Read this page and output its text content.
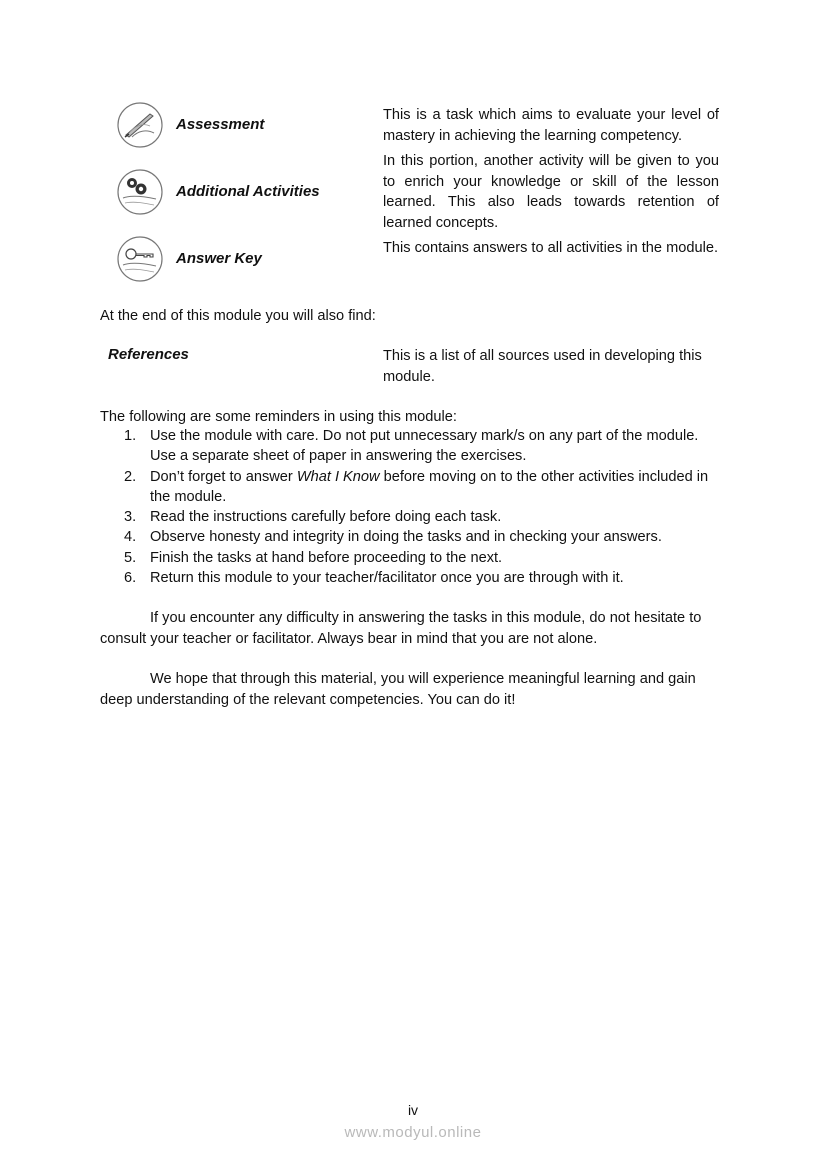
Assessment
This is a task which aims to evaluate your level of mastery in achieving the learning competency.
Additional Activities
In this portion, another activity will be given to you to enrich your knowledge or skill of the lesson learned. This also leads towards retention of learned concepts.
Answer Key
This contains answers to all activities in the module.
At the end of this module you will also find:
References	This is a list of all sources used in developing this module.
The following are some reminders in using this module:
1. Use the module with care. Do not put unnecessary mark/s on any part of the module. Use a separate sheet of paper in answering the exercises.
2. Don’t forget to answer What I Know before moving on to the other activities included in the module.
3. Read the instructions carefully before doing each task.
4. Observe honesty and integrity in doing the tasks and in checking your answers.
5. Finish the tasks at hand before proceeding to the next.
6. Return this module to your teacher/facilitator once you are through with it.
If you encounter any difficulty in answering the tasks in this module, do not hesitate to consult your teacher or facilitator. Always bear in mind that you are not alone.
We hope that through this material, you will experience meaningful learning and gain deep understanding of the relevant competencies. You can do it!
iv
www.modyul.online
